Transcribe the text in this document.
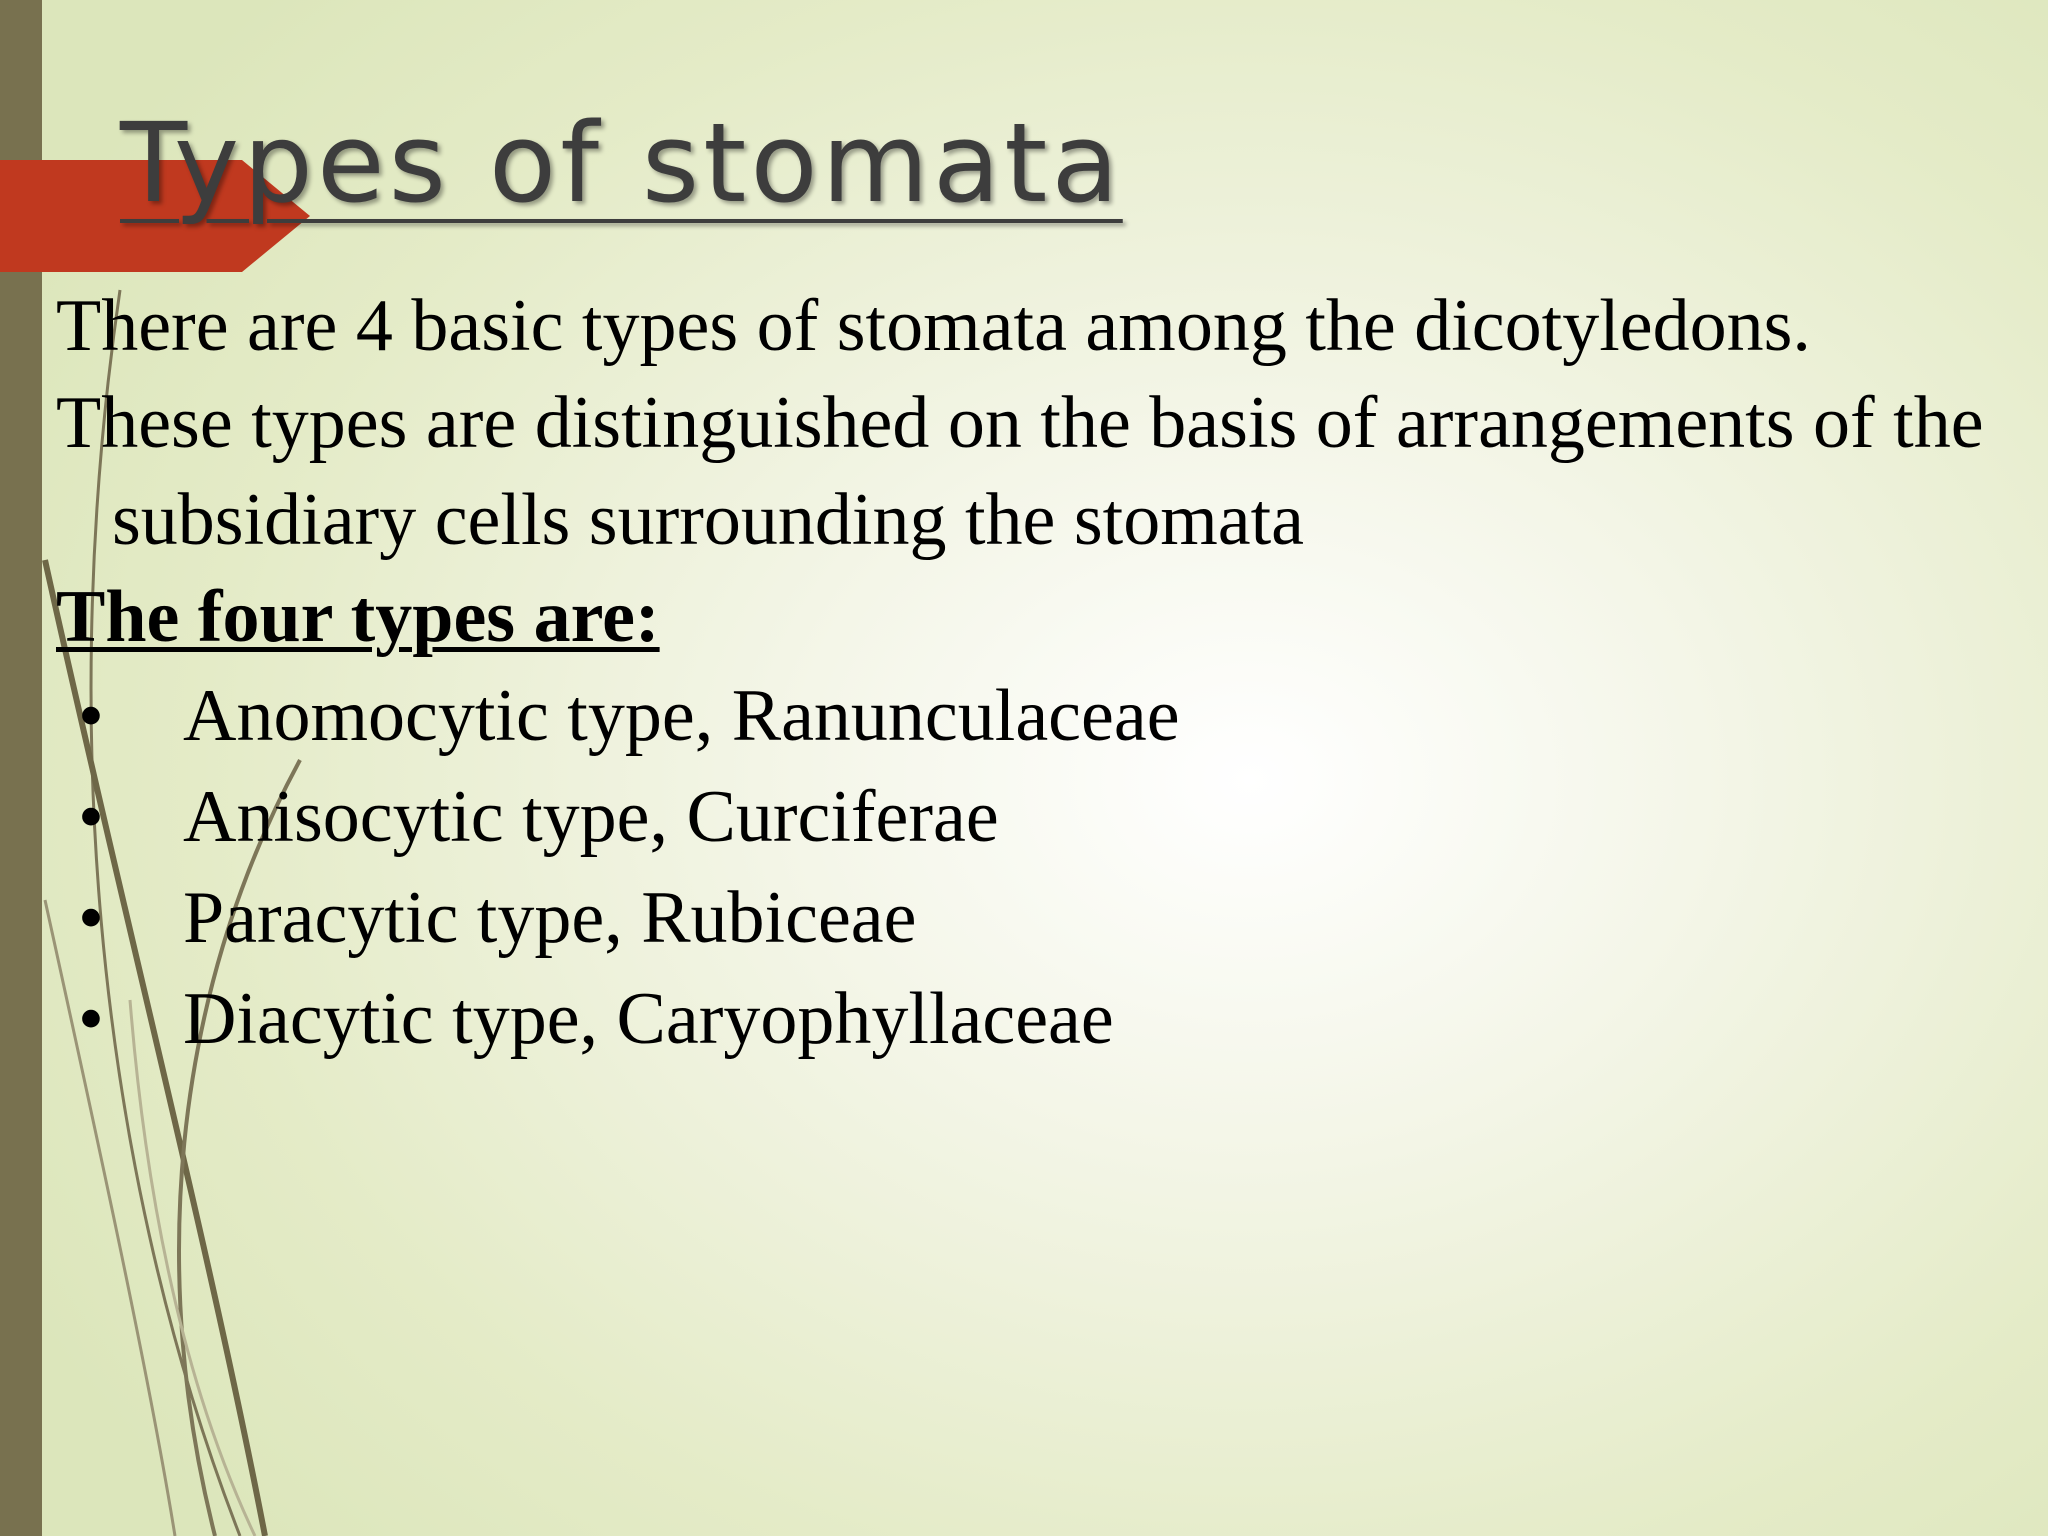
Types of stomata

There are 4 basic types of stomata among the dicotyledons.

These types are distinguished on the basis of arrangements of the subsidiary cells surrounding the stomata

The four types are:

• Anomocytic type, Ranunculaceae
• Anisocytic type, Curciferae
• Paracytic type, Rubiceae
• Diacytic type, Caryophyllaceae
